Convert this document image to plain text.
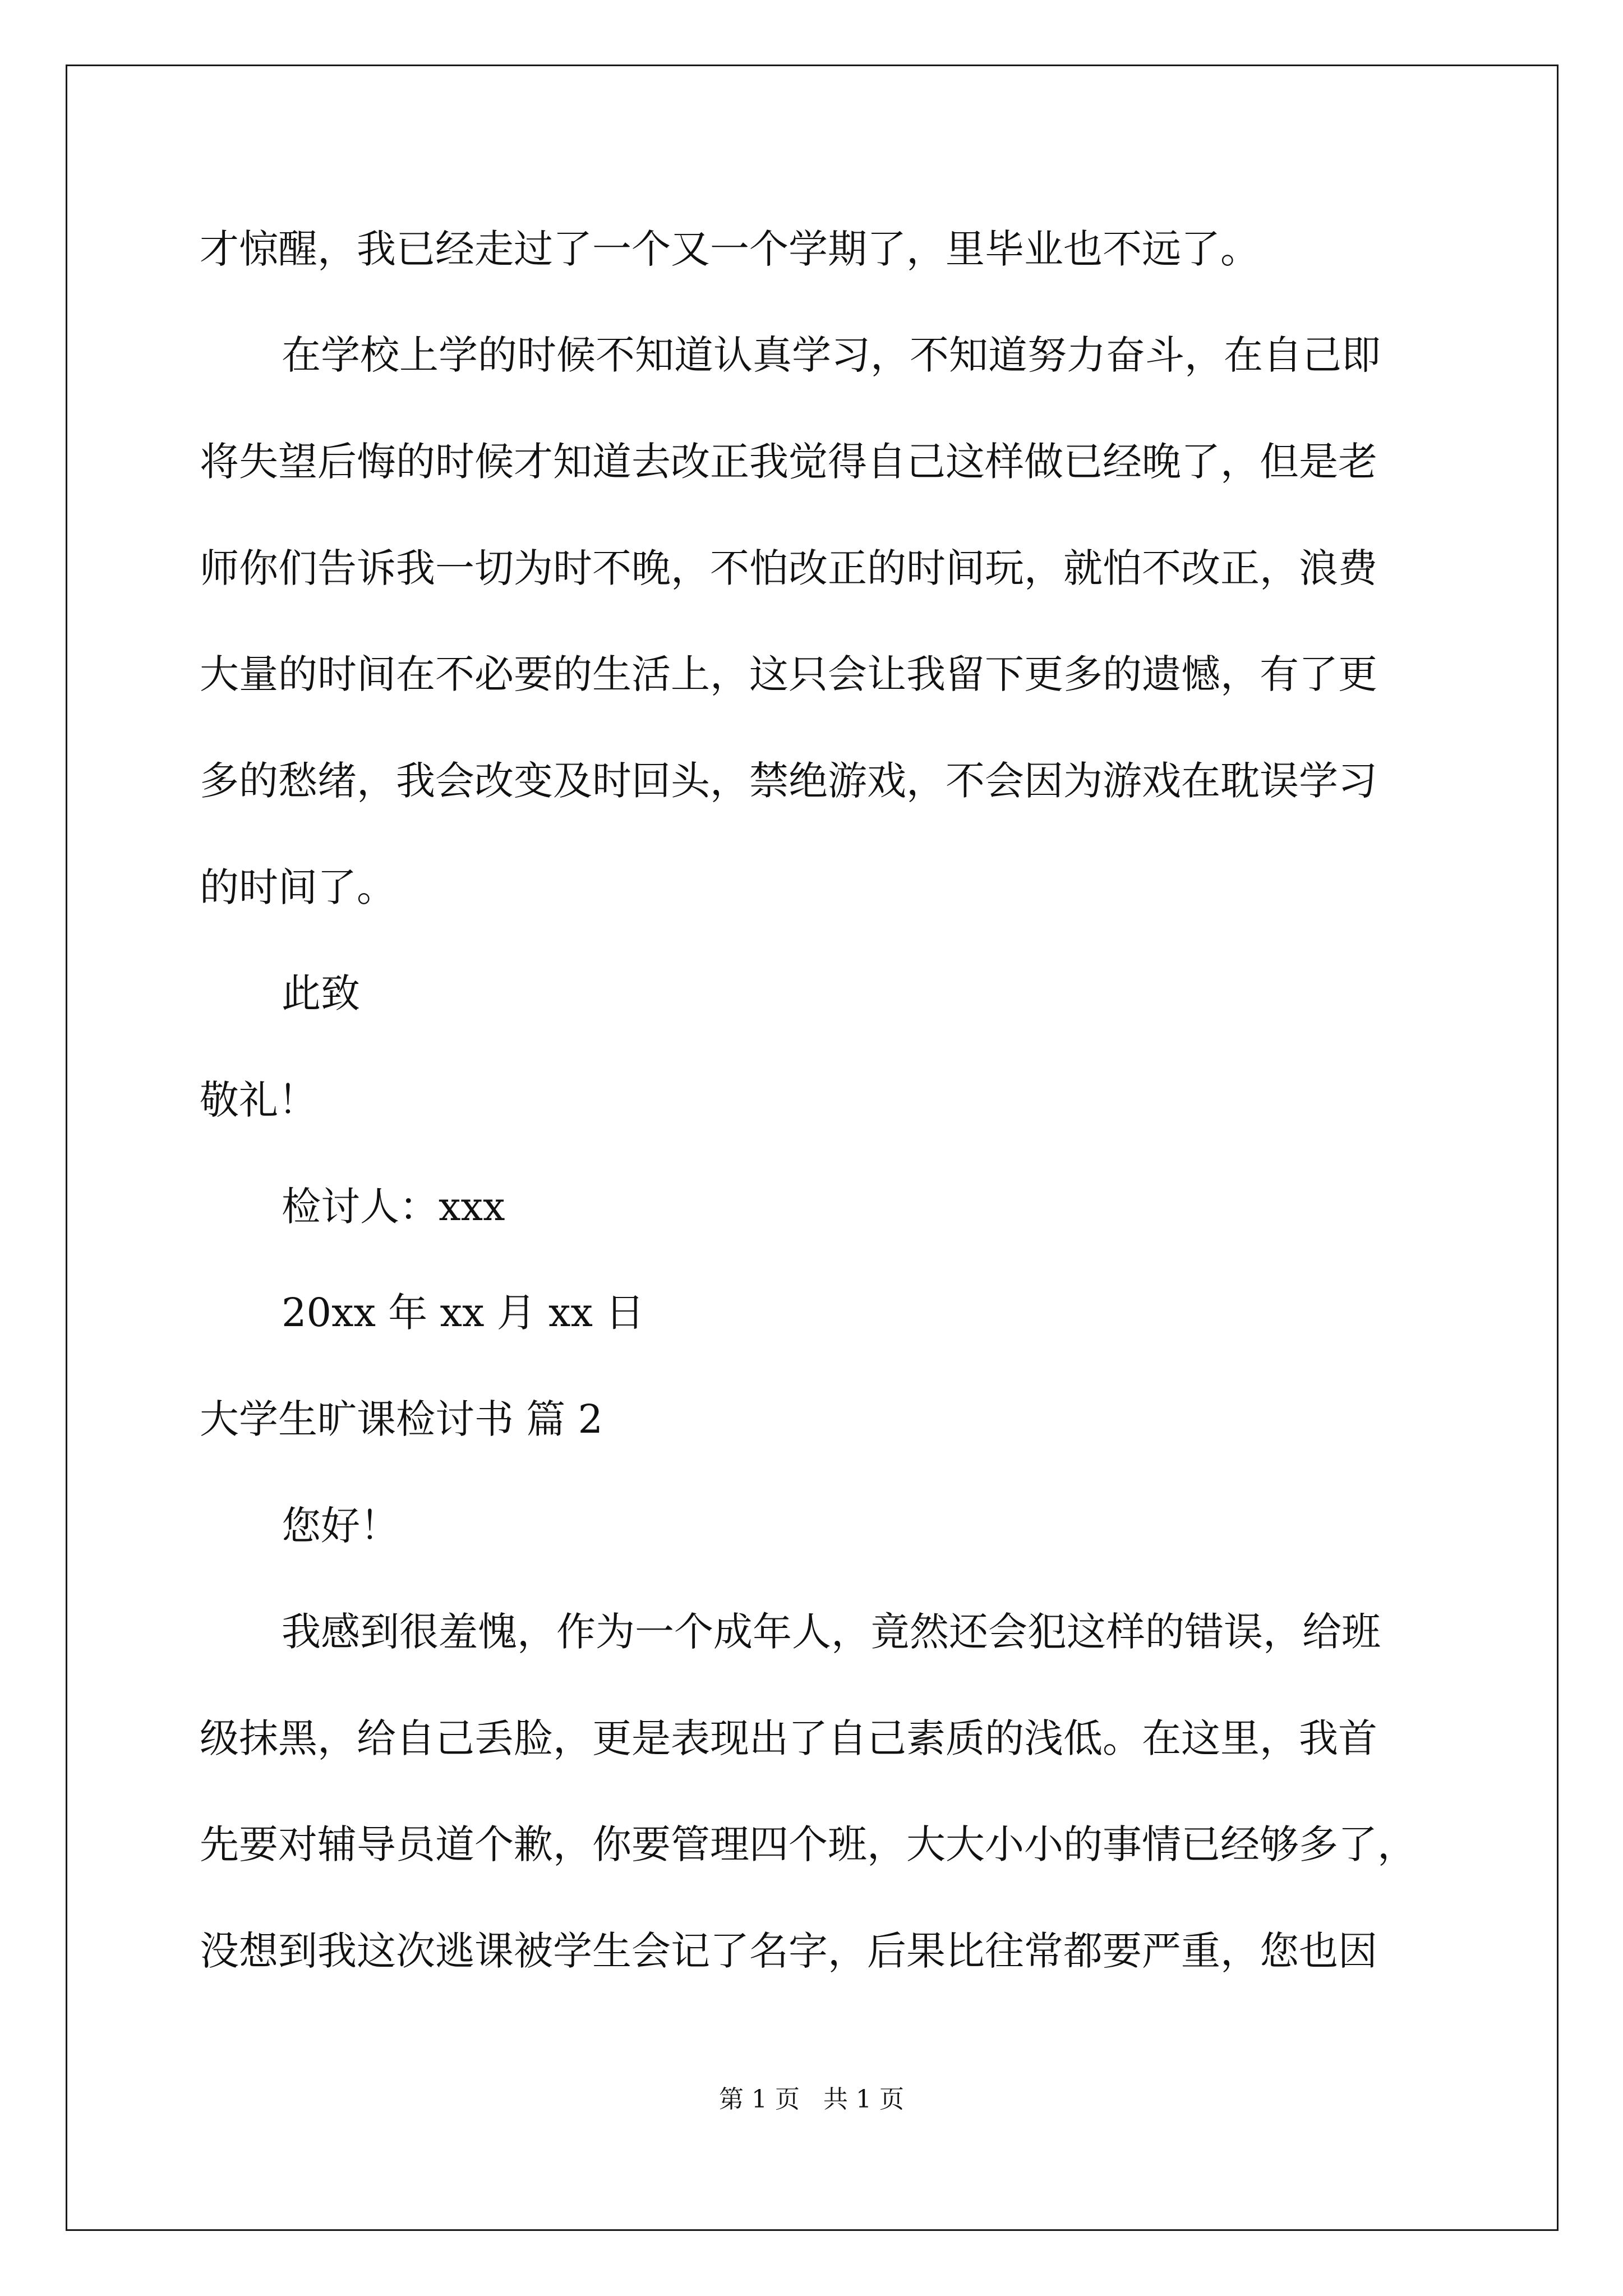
才惊醒，我已经走过了一个又一个学期了，里毕业也不远了。

在学校上学的时候不知道认真学习，不知道努力奋斗，在自己即

将失望后悔的时候才知道去改正我觉得自己这样做已经晚了，但是老

师你们告诉我一切为时不晚，不怕改正的时间玩，就怕不改正，浪费

大量的时间在不必要的生活上，这只会让我留下更多的遗憾，有了更

多的愁绪，我会改变及时回头，禁绝游戏，不会因为游戏在耽误学习

的时间了。

此致

敬礼！

检讨人：xxx

20xx 年 xx 月 xx 日

大学生旷课检讨书 篇 2

您好！

我感到很羞愧，作为一个成年人，竟然还会犯这样的错误，给班

级抹黑，给自己丢脸，更是表现出了自己素质的浅低。在这里，我首

先要对辅导员道个歉，你要管理四个班，大大小小的事情已经够多了，

没想到我这次逃课被学生会记了名字，后果比往常都要严重，您也因

第 1 页   共 1 页
